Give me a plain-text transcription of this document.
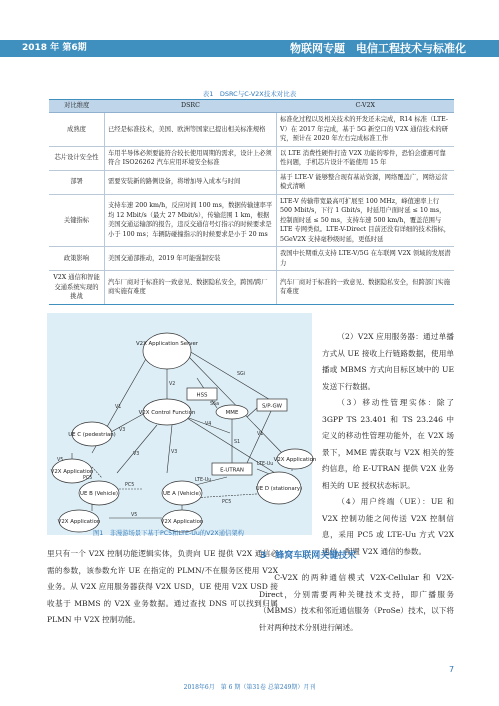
2018 年 第6期	物联网专题　电信工程技术与标准化
表1　DSRC与C-V2X技术对比表
对比维度	DSRC	C-V2X
成熟度	已经是标准技术，美国、欧洲等国家已提出相关标准规格	标准化过程以及相关技术的开发还未完成，R14 标准（LTE-V）在 2017 年完成，基于 5G 新空口的 V2X 通信技术的研究，预计在 2020 年左右完成标准工作
芯片设计安全性	车用半导体必须要能符合较长使用周期的需求，设计上必须符合 ISO26262 汽车应用环境安全标准	以 LTE 消费性硬件打造 V2X 功能的零件，恐怕会遭遇可靠性问题，手机芯片设计不能使用 15 年
部署	需要安装新的路侧设备，将增加导入成本与时间	基于 LTE-V 能够整合现有基站资源，网络覆盖广，网络运营模式清晰
关键指标	支持车速 200 km/h，反应时间 100 ms，数据传输速率平均 12 Mbit/s（最大 27 Mbit/s），传输范围 1 km，根据美国交通运输部的报告，违反交通信号灯指示的时候要求是小于 100 ms；车辆防碰撞指示的时候要求是小于 20 ms	LTE-V 传输带宽最高可扩展至 100 MHz，峰值速率上行 500 Mbit/s，下行 1 Gbit/s，时延用户面时延 ≤ 10 ms，控制面时延 ≤ 50 ms，支持车速 500 km/h，覆盖范围与 LTE 专网类似。LTE-V-Direct 目前还没有详细的技术指标，5GeV2X 支持毫秒级时延，更低时延
政策影响	美国交通部推动，2019 年可能强制安装	我国中长期重点支持 LTE-V/5G 在车联网 V2X 领域的发展潜力
V2X 通信和智能交通系统实现的挑战	汽车厂商对于标准的一致意见、数据隐私安全，跨国/跨厂商实施有难度	汽车厂商对于标准的一致意见、数据隐私安全，但跨部门实施有难度
V2X Application Server
HSS
S/P-GW
MME
V2X Control Function
UE C (pedestrian)
V2X Application	E-UTRAN
UE D (stationary)
V2X Application
UE B (Vehicle)
V2X Application
UE A (Vehicle)
V2X Application
V2
V1
V1
SGi
V4
S6a
V3
V3	V3
S1
LTE-Uu
LTE-Uu
PC5
PC5
PC5
V5
V5
图1　非漫游场景下基于PC5和LTE-Uu的V2X通信架构

（2）V2X 应用服务器：通过单播方式从 UE 接收上行链路数据，使用单播或 MBMS 方式向目标区域中的 UE 发送下行数据。

（3）移动性管理实体：除了 3GPP TS 23.401 和 TS 23.246 中定义的移动性管理功能外，在 V2X 场景下，MME 需获取与 V2X 相关的签约信息，给 E-UTRAN 提供 V2X 业务相关的 UE 授权状态标识。

（4）用户终端（UE）：UE 和 V2X 控制功能之间传送 V2X 控制信息，采用 PC5 或 LTE-Uu 方式 V2X 通信，配置 V2X 通信的参数。

里只有一个 V2X 控制功能逻辑实体，负责向 UE 提供 V2X 通信必需的参数，该参数允许 UE 在指定的 PLMN/不在服务区使用 V2X 业务。从 V2X 应用服务器获得 V2X USD，UE 使用 V2X USD 接收基于 MBMS 的 V2X 业务数据。通过查找 DNS 可以找到归属 PLMN 中 V2X 控制功能。

3　蜂窝车联网关键技术

C-V2X 的两种通信模式 V2X-Cellular 和 V2X-Direct，分别需要两种关键技术支持，即广播服务（MBMS）技术和邻近通信服务（ProSe）技术，以下将针对两种技术分别进行阐述。

7
2018年6月　第 6 期（第31卷 总第249期）月刊
